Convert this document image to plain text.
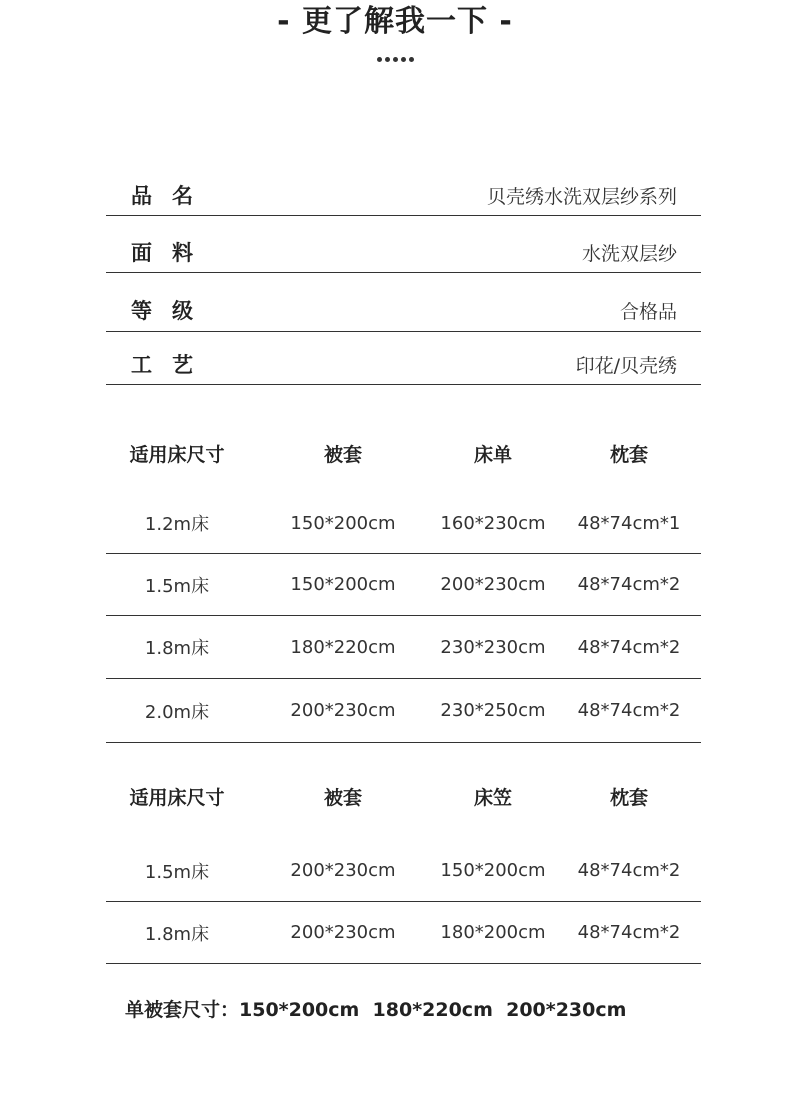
- 更了解我一下 -
品名	贝壳绣水洗双层纱系列
面料	水洗双层纱
等级	合格品
工艺	印花/贝壳绣
适用床尺寸	被套	床单	枕套
1.2m床	150*200cm	160*230cm	48*74cm*1
1.5m床	150*200cm	200*230cm	48*74cm*2
1.8m床	180*220cm	230*230cm	48*74cm*2
2.0m床	200*230cm	230*250cm	48*74cm*2
适用床尺寸	被套	床笠	枕套
1.5m床	200*230cm	150*200cm	48*74cm*2
1.8m床	200*230cm	180*200cm	48*74cm*2
单被套尺寸：150*200cm  180*220cm  200*230cm
